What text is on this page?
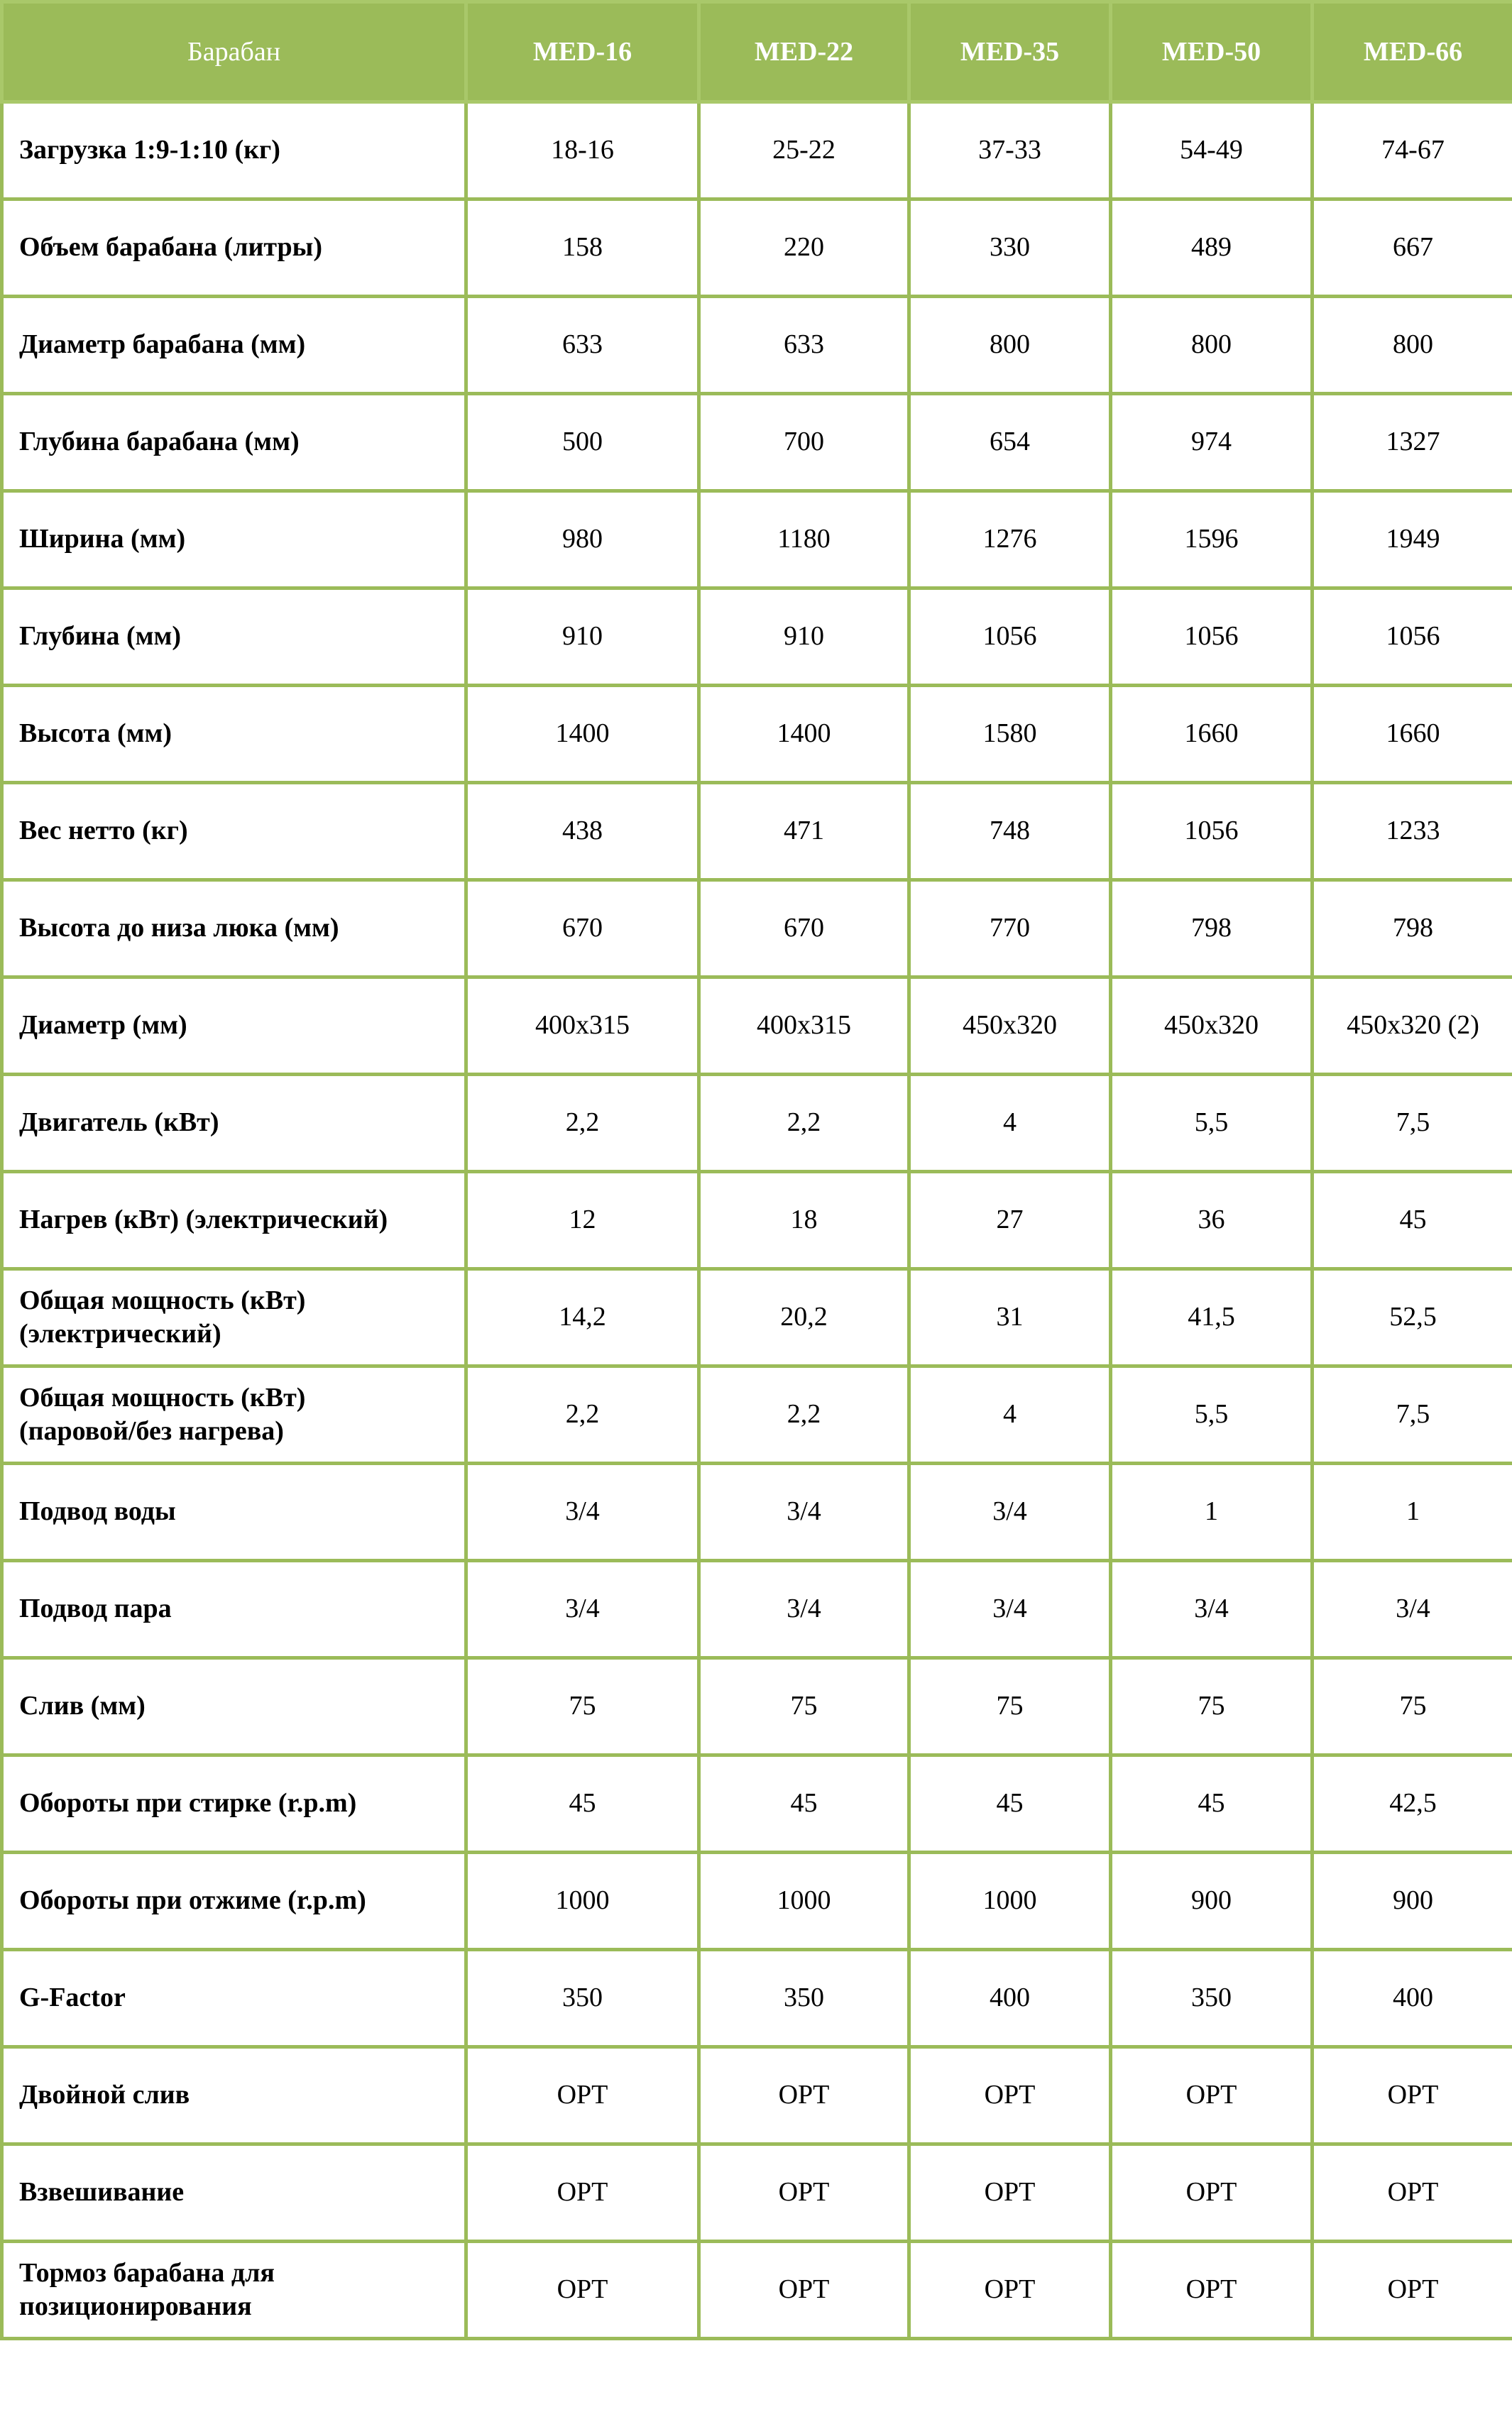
Барабан	MED-16	MED-22	MED-35	MED-50	MED-66
Загрузка 1:9-1:10 (кг)	18-16	25-22	37-33	54-49	74-67
Объем барабана (литры)	158	220	330	489	667
Диаметр барабана (мм)	633	633	800	800	800
Глубина барабана (мм)	500	700	654	974	1327
Ширина (мм)	980	1180	1276	1596	1949
Глубина (мм)	910	910	1056	1056	1056
Высота (мм)	1400	1400	1580	1660	1660
Вес нетто (кг)	438	471	748	1056	1233
Высота до низа люка (мм)	670	670	770	798	798
Диаметр (мм)	400x315	400x315	450x320	450x320	450x320 (2)
Двигатель (кВт)	2,2	2,2	4	5,5	7,5
Нагрев (кВт) (электрический)	12	18	27	36	45
Общая мощность (кВт)
(электрический)	14,2	20,2	31	41,5	52,5
Общая мощность (кВт)
(паровой/без нагрева)	2,2	2,2	4	5,5	7,5
Подвод воды	3/4	3/4	3/4	1	1
Подвод пара	3/4	3/4	3/4	3/4	3/4
Слив (мм)	75	75	75	75	75
Обороты при стирке (r.p.m)	45	45	45	45	42,5
Обороты при отжиме (r.p.m)	1000	1000	1000	900	900
G-Factor	350	350	400	350	400
Двойной слив	OPT	OPT	OPT	OPT	OPT
Взвешивание	OPT	OPT	OPT	OPT	OPT
Тормоз барабана для
позиционирования	OPT	OPT	OPT	OPT	OPT
